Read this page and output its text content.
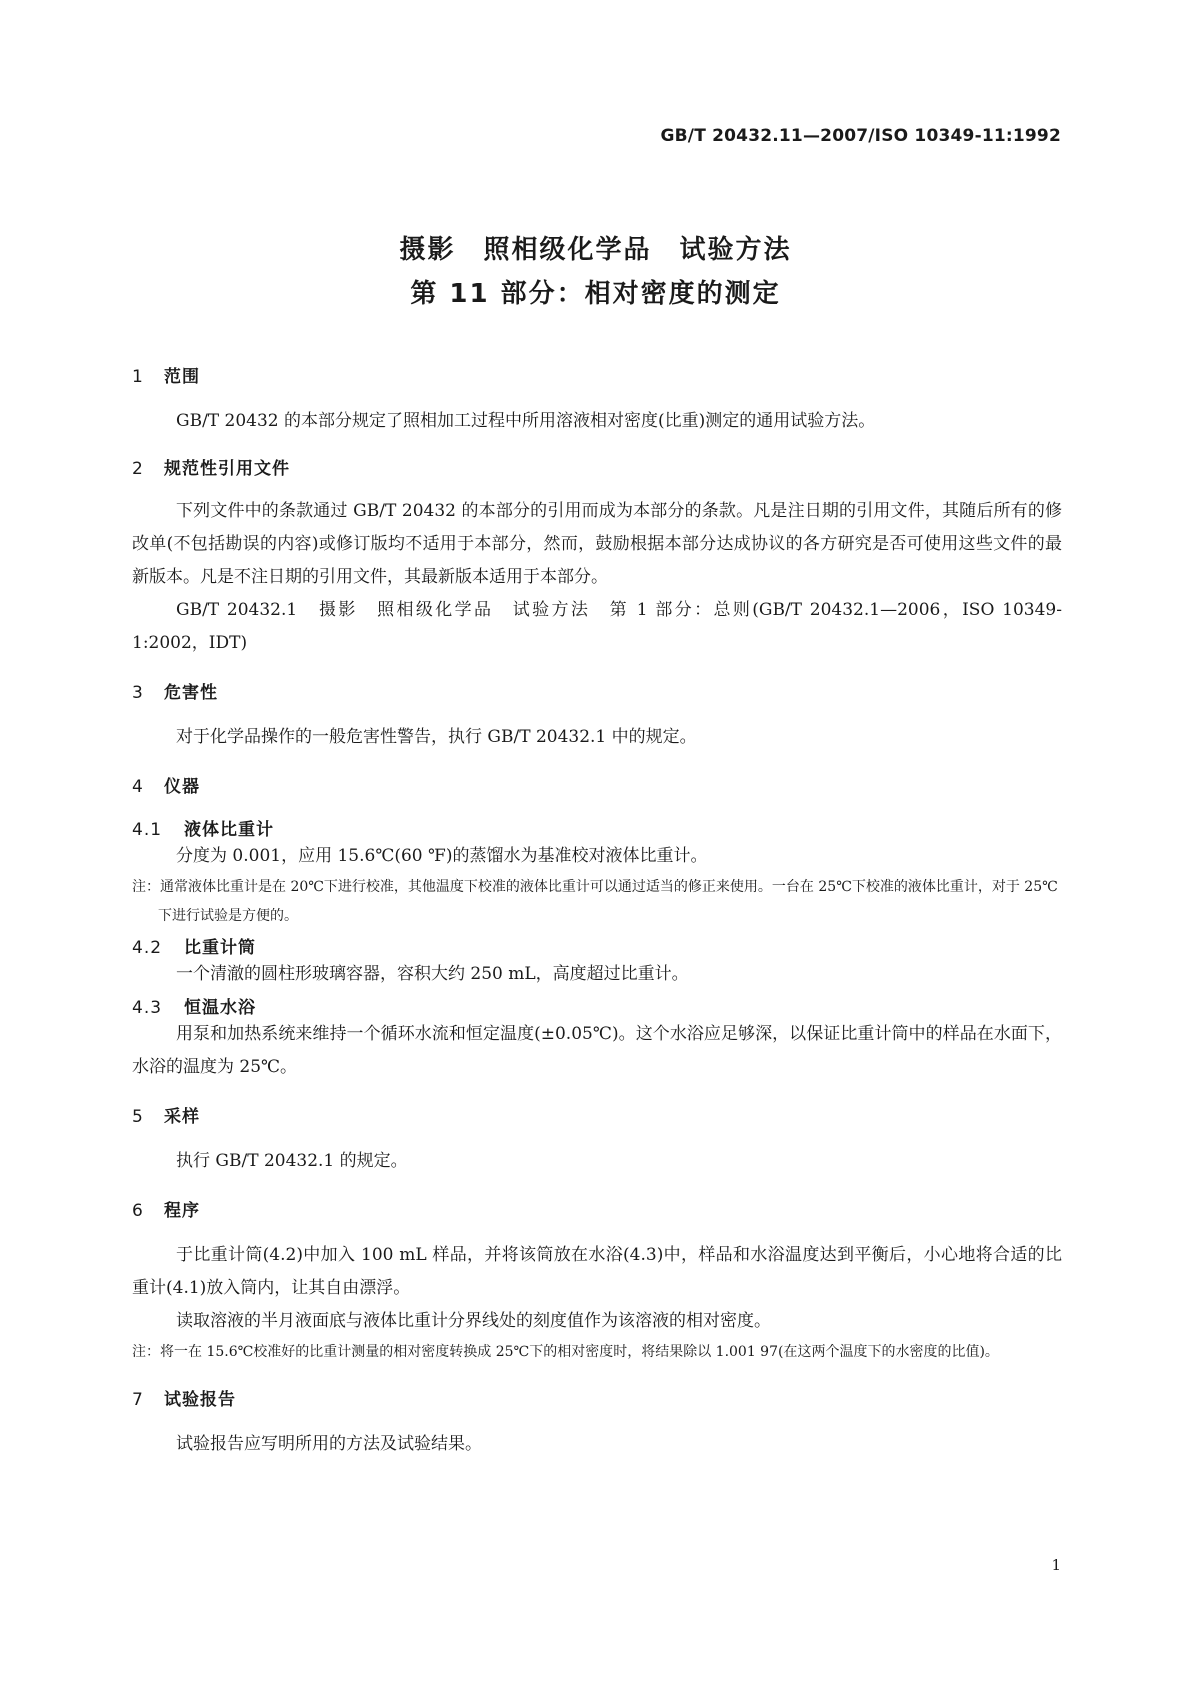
GB/T 20432.11—2007/ISO 10349-11:1992
摄影　照相级化学品　试验方法
第 11 部分：相对密度的测定
1 范围

GB/T 20432 的本部分规定了照相加工过程中所用溶液相对密度(比重)测定的通用试验方法。

2 规范性引用文件

下列文件中的条款通过 GB/T 20432 的本部分的引用而成为本部分的条款。凡是注日期的引用文件，其随后所有的修改单(不包括勘误的内容)或修订版均不适用于本部分，然而，鼓励根据本部分达成协议的各方研究是否可使用这些文件的最新版本。凡是不注日期的引用文件，其最新版本适用于本部分。

GB/T 20432.1　摄影　照相级化学品　试验方法　第 1 部分：总则(GB/T 20432.1—2006，ISO 10349-1:2002，IDT)

3 危害性

对于化学品操作的一般危害性警告，执行 GB/T 20432.1 中的规定。

4 仪器
4.1 液体比重计

分度为 0.001，应用 15.6℃(60 ℉)的蒸馏水为基准校对液体比重计。

注：通常液体比重计是在 20℃下进行校准，其他温度下校准的液体比重计可以通过适当的修正来使用。一台在 25℃下校准的液体比重计，对于 25℃下进行试验是方便的。

4.2 比重计筒

一个清澈的圆柱形玻璃容器，容积大约 250 mL，高度超过比重计。

4.3 恒温水浴

用泵和加热系统来维持一个循环水流和恒定温度(±0.05℃)。这个水浴应足够深，以保证比重计筒中的样品在水面下，水浴的温度为 25℃。

5 采样

执行 GB/T 20432.1 的规定。

6 程序

于比重计筒(4.2)中加入 100 mL 样品，并将该筒放在水浴(4.3)中，样品和水浴温度达到平衡后，小心地将合适的比重计(4.1)放入筒内，让其自由漂浮。

读取溶液的半月液面底与液体比重计分界线处的刻度值作为该溶液的相对密度。

注：将一在 15.6℃校准好的比重计测量的相对密度转换成 25℃下的相对密度时，将结果除以 1.001 97(在这两个温度下的水密度的比值)。

7 试验报告

试验报告应写明所用的方法及试验结果。

1
